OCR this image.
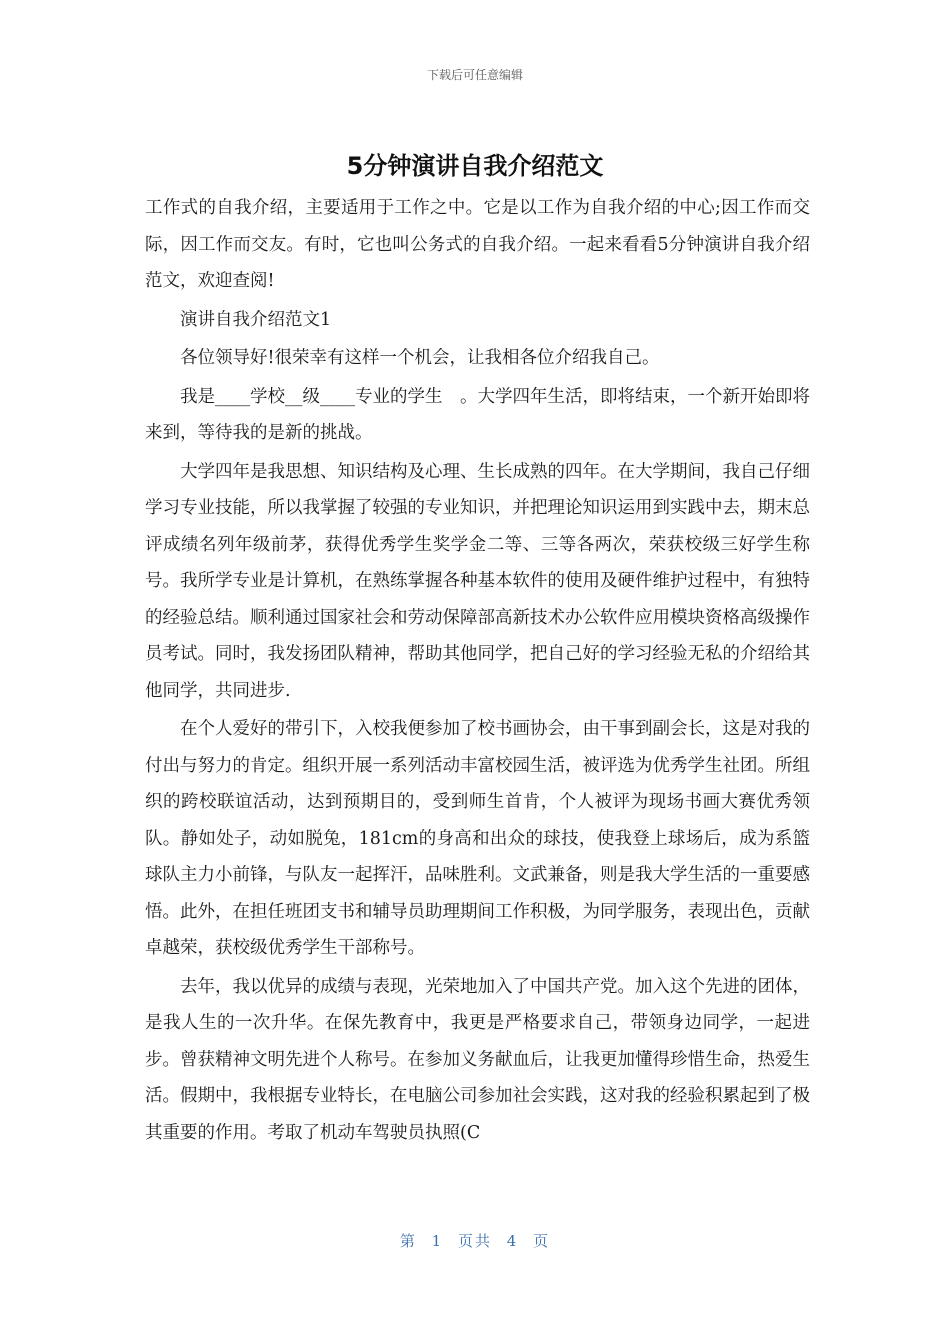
下载后可任意编辑
5分钟演讲自我介绍范文

工作式的自我介绍，主要适用于工作之中。它是以工作为自我介绍的中心;因工作而交际，因工作而交友。有时，它也叫公务式的自我介绍。一起来看看5分钟演讲自我介绍范文，欢迎查阅!

演讲自我介绍范文1

各位领导好!很荣幸有这样一个机会，让我相各位介绍我自己。

我是____学校__级____专业的学生　。大学四年生活，即将结束，一个新开始即将来到，等待我的是新的挑战。

大学四年是我思想、知识结构及心理、生长成熟的四年。在大学期间，我自己仔细学习专业技能，所以我掌握了较强的专业知识，并把理论知识运用到实践中去，期末总评成绩名列年级前茅，获得优秀学生奖学金二等、三等各两次，荣获校级三好学生称号。我所学专业是计算机，在熟练掌握各种基本软件的使用及硬件维护过程中，有独特的经验总结。顺利通过国家社会和劳动保障部高新技术办公软件应用模块资格高级操作员考试。同时，我发扬团队精神，帮助其他同学，把自己好的学习经验无私的介绍给其他同学，共同进步.

在个人爱好的带引下，入校我便参加了校书画协会，由干事到副会长，这是对我的付出与努力的肯定。组织开展一系列活动丰富校园生活，被评选为优秀学生社团。所组织的跨校联谊活动，达到预期目的，受到师生首肯，个人被评为现场书画大赛优秀领队。静如处子，动如脱兔，181cm的身高和出众的球技，使我登上球场后，成为系篮球队主力小前锋，与队友一起挥汗，品味胜利。文武兼备，则是我大学生活的一重要感悟。此外，在担任班团支书和辅导员助理期间工作积极，为同学服务，表现出色，贡献卓越荣，获校级优秀学生干部称号。

去年，我以优异的成绩与表现，光荣地加入了中国共产党。加入这个先进的团体，是我人生的一次升华。在保先教育中，我更是严格要求自己，带领身边同学，一起进步。曾获精神文明先进个人称号。在参加义务献血后，让我更加懂得珍惜生命，热爱生活。假期中，我根据专业特长，在电脑公司参加社会实践，这对我的经验积累起到了极其重要的作用。考取了机动车驾驶员执照(C

第 1 页共 4 页
